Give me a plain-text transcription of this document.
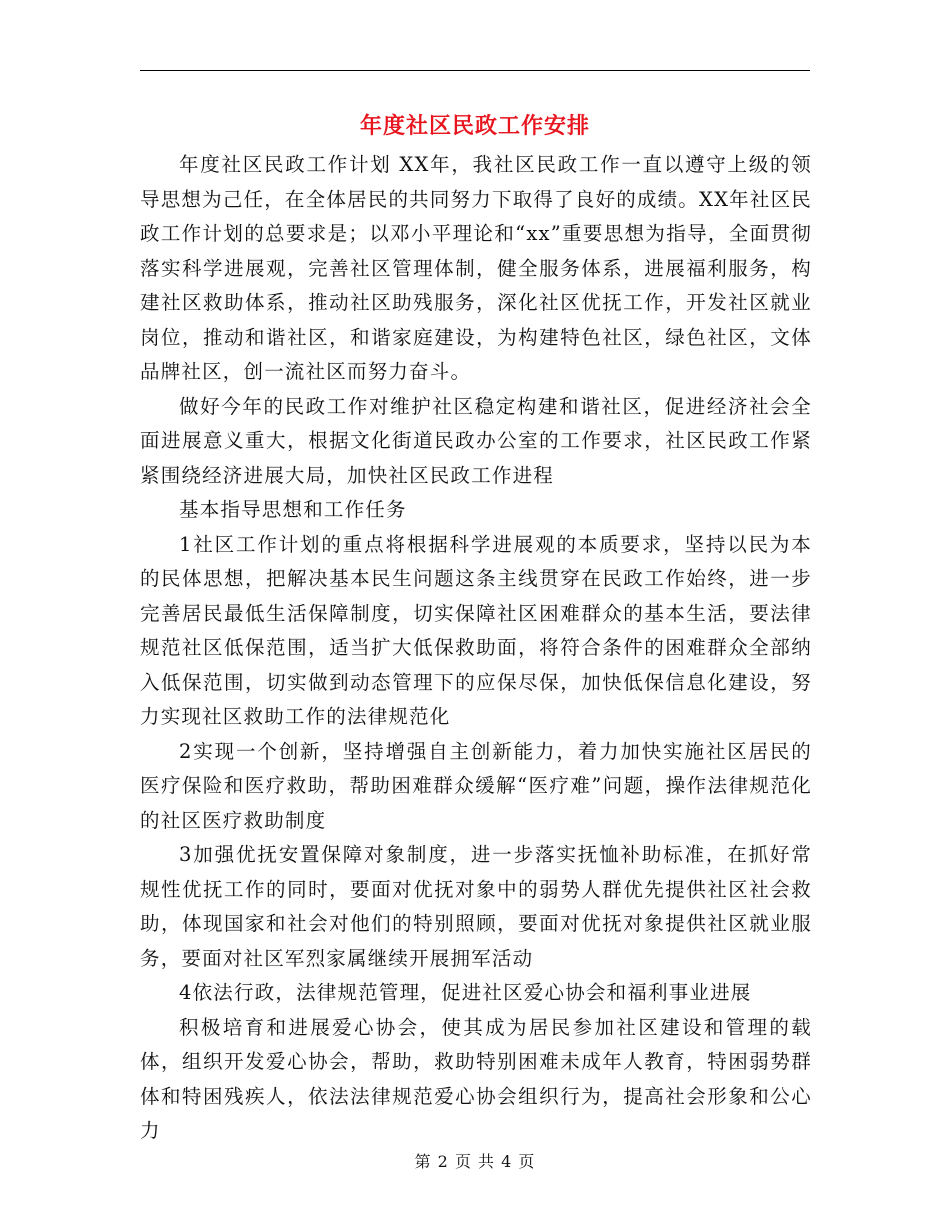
年度社区民政工作安排

年度社区民政工作计划 XX年，我社区民政工作一直以遵守上级的领导思想为己任，在全体居民的共同努力下取得了良好的成绩。XX年社区民政工作计划的总要求是；以邓小平理论和“xx”重要思想为指导，全面贯彻落实科学进展观，完善社区管理体制，健全服务体系，进展福利服务，构建社区救助体系，推动社区助残服务，深化社区优抚工作，开发社区就业岗位，推动和谐社区，和谐家庭建设，为构建特色社区，绿色社区，文体品牌社区，创一流社区而努力奋斗。

做好今年的民政工作对维护社区稳定构建和谐社区，促进经济社会全面进展意义重大，根据文化街道民政办公室的工作要求，社区民政工作紧紧围绕经济进展大局，加快社区民政工作进程

基本指导思想和工作任务

1社区工作计划的重点将根据科学进展观的本质要求，坚持以民为本的民体思想，把解决基本民生问题这条主线贯穿在民政工作始终，进一步完善居民最低生活保障制度，切实保障社区困难群众的基本生活，要法律规范社区低保范围，适当扩大低保救助面，将符合条件的困难群众全部纳入低保范围，切实做到动态管理下的应保尽保，加快低保信息化建设，努力实现社区救助工作的法律规范化

2实现一个创新，坚持增强自主创新能力，着力加快实施社区居民的医疗保险和医疗救助，帮助困难群众缓解“医疗难”问题，操作法律规范化的社区医疗救助制度

3加强优抚安置保障对象制度，进一步落实抚恤补助标准，在抓好常规性优抚工作的同时，要面对优抚对象中的弱势人群优先提供社区社会救助，体现国家和社会对他们的特别照顾，要面对优抚对象提供社区就业服务，要面对社区军烈家属继续开展拥军活动

4依法行政，法律规范管理，促进社区爱心协会和福利事业进展

积极培育和进展爱心协会，使其成为居民参加社区建设和管理的载体，组织开发爱心协会，帮助，救助特别困难未成年人教育，特困弱势群体和特困残疾人，依法法律规范爱心协会组织行为，提高社会形象和公心力

第 2 页 共 4 页
